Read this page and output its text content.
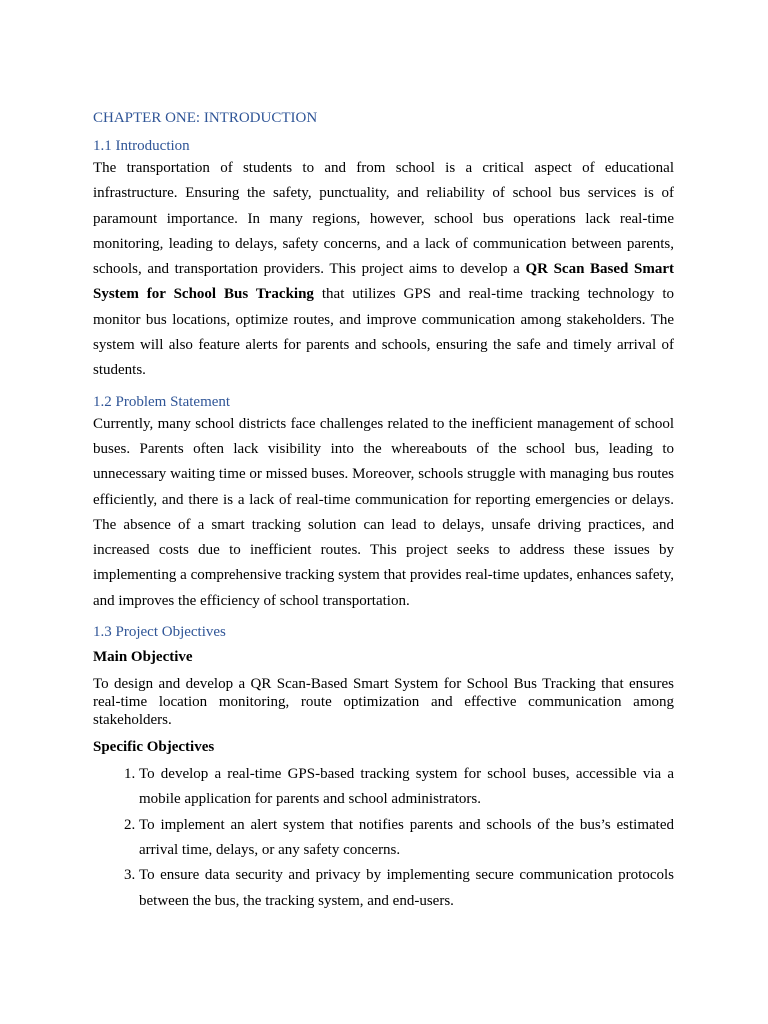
CHAPTER ONE: INTRODUCTION
1.1 Introduction

The transportation of students to and from school is a critical aspect of educational infrastructure. Ensuring the safety, punctuality, and reliability of school bus services is of paramount importance. In many regions, however, school bus operations lack real-time monitoring, leading to delays, safety concerns, and a lack of communication between parents, schools, and transportation providers. This project aims to develop a QR Scan Based Smart System for School Bus Tracking that utilizes GPS and real-time tracking technology to monitor bus locations, optimize routes, and improve communication among stakeholders. The system will also feature alerts for parents and schools, ensuring the safe and timely arrival of students.

1.2 Problem Statement

Currently, many school districts face challenges related to the inefficient management of school buses. Parents often lack visibility into the whereabouts of the school bus, leading to unnecessary waiting time or missed buses. Moreover, schools struggle with managing bus routes efficiently, and there is a lack of real-time communication for reporting emergencies or delays. The absence of a smart tracking solution can lead to delays, unsafe driving practices, and increased costs due to inefficient routes. This project seeks to address these issues by implementing a comprehensive tracking system that provides real-time updates, enhances safety, and improves the efficiency of school transportation.

1.3 Project Objectives
Main Objective

To design and develop a QR Scan-Based Smart System for School Bus Tracking that ensures real-time location monitoring, route optimization and effective communication among stakeholders.

Specific Objectives
1. To develop a real-time GPS-based tracking system for school buses, accessible via a mobile application for parents and school administrators.
2. To implement an alert system that notifies parents and schools of the bus’s estimated arrival time, delays, or any safety concerns.
3. To ensure data security and privacy by implementing secure communication protocols between the bus, the tracking system, and end-users.
